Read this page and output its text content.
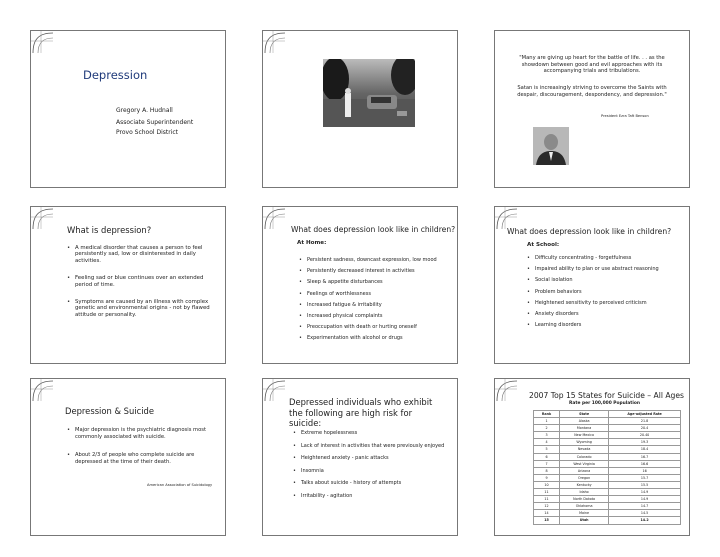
Depression
Gregory A. Hudnall
Associate Superintendent
Provo School District
"Many are giving up heart for the battle of life. . . as the showdown between good and evil approaches with its accompanying trials and tribulations.
Satan is increasingly striving to overcome the Saints with despair, discouragement, despondency, and depression."
President Ezra Taft Benson
What is depression?
• A medical disorder that causes a person to feel persistently sad, low or disinterested in daily activities.
• Feeling sad or blue continues over an extended period of time.
• Symptoms are caused by an illness with complex genetic and environmental origins - not by flawed attitude or personality.
What does depression look like in children?
At Home:
• Persistent sadness, downcast expression, low mood
• Persistently decreased interest in activities
• Sleep & appetite disturbances
• Feelings of worthlessness
• Increased fatigue & irritability
• Increased physical complaints
• Preoccupation with death or hurting oneself
• Experimentation with alcohol or drugs
What does depression look like in children?
At School:
• Difficulty concentrating - forgetfulness
• Impaired ability to plan or use abstract reasoning
• Social isolation
• Problem behaviors
• Heightened sensitivity to perceived criticism
• Anxiety disorders
• Learning disorders
Depression & Suicide
• Major depression is the psychiatric diagnosis most commonly associated with suicide.
• About 2/3 of people who complete suicide are depressed at the time of their death.
American Association of Suicidology
Depressed individuals who exhibit the following are high risk for suicide:
• Extreme hopelessness
• Lack of interest in activities that were previously enjoyed
• Heightened anxiety - panic attacks
• Insomnia
• Talks about suicide - history of attempts
• Irritability - agitation
2007 Top 15 States for Suicide – All Ages
Rate per 100,000 Population
Rank	State	Age-adjusted Rate
1	Alaska	21.8
2	Montana	20.4
3	New Mexico	20.40
4	Wyoming	19.3
5	Nevada	18.4
6	Colorado	16.7
7	West Virginia	16.6
8	Arizona	16
9	Oregon	15.7
10	Kentucky	15.5
11	Idaho	14.9
11	North Dakota	14.9
12	Oklahoma	14.7
14	Maine	14.5
15	Utah	14.2
